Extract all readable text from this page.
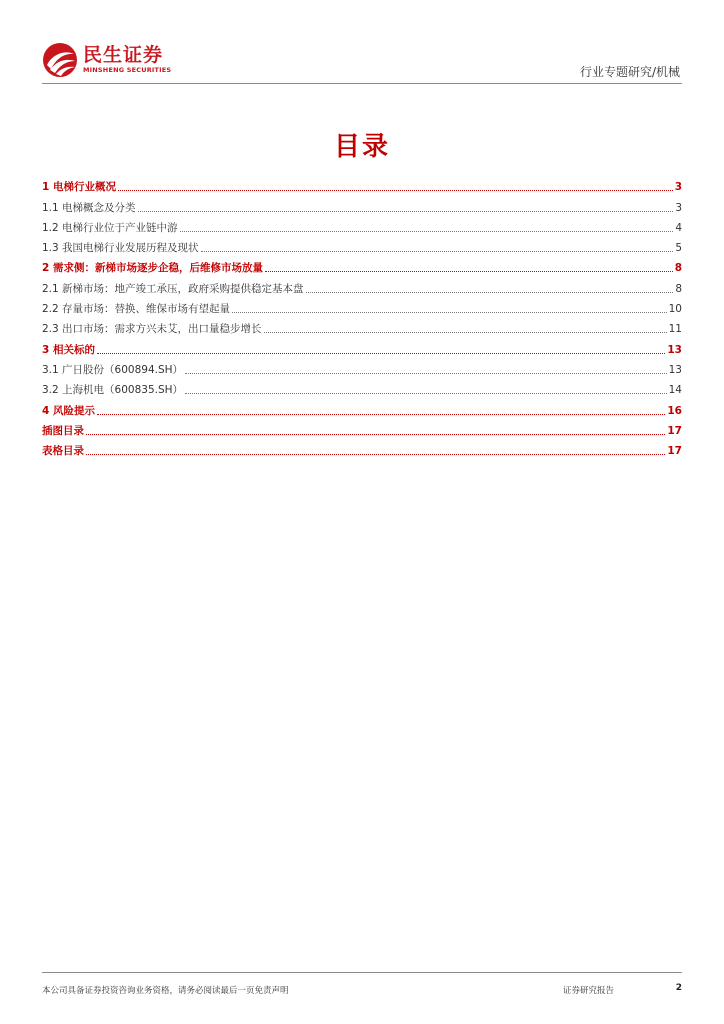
民生证券
MINSHENG SECURITIES	行业专题研究/机械
目录
1 电梯行业概况	3
1.1 电梯概念及分类	3
1.2 电梯行业位于产业链中游	4
1.3 我国电梯行业发展历程及现状	5
2 需求侧：新梯市场逐步企稳，后维修市场放量	8
2.1 新梯市场：地产竣工承压，政府采购提供稳定基本盘	8
2.2 存量市场：替换、维保市场有望起量	10
2.3 出口市场：需求方兴未艾，出口量稳步增长	11
3 相关标的	13
3.1 广日股份（600894.SH）	13
3.2 上海机电（600835.SH）	14
4 风险提示	16
插图目录	17
表格目录	17
本公司具备证券投资咨询业务资格，请务必阅读最后一页免责声明	证券研究报告	2
